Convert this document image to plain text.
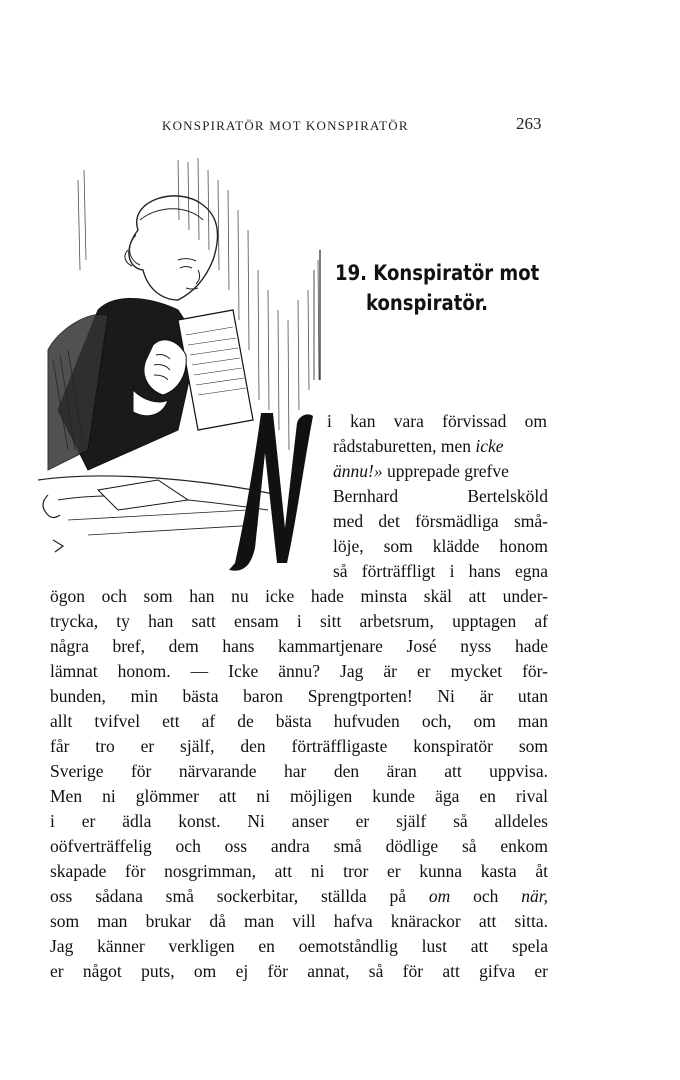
KONSPIRATÖR MOT KONSPIRATÖR	263
19. Konspiratör mot
konspiratör.
N
i kan vara förvissad om
rådstaburetten, men icke
ännu!» upprepade grefve
Bernhard Bertelsköld
med det försmädliga små-
löje, som klädde honom
så förträffligt i hans egna
ögon och som han nu icke hade minsta skäl att under-
trycka, ty han satt ensam i sitt arbetsrum, upptagen af
några bref, dem hans kammartjenare José nyss hade
lämnat honom. — Icke ännu? Jag är er mycket för-
bunden, min bästa baron Sprengtporten! Ni är utan
allt tvifvel ett af de bästa hufvuden och, om man
får tro er själf, den förträffligaste konspiratör som
Sverige för närvarande har den äran att uppvisa.
Men ni glömmer att ni möjligen kunde äga en rival
i er ädla konst. Ni anser er själf så alldeles
oöfverträffelig och oss andra små dödlige så enkom
skapade för nosgrimman, att ni tror er kunna kasta åt
oss sådana små sockerbitar, ställda på om och när,
som man brukar då man vill hafva knärackor att sitta.
Jag känner verkligen en oemotståndlig lust att spela
er något puts, om ej för annat, så för att gifva er
